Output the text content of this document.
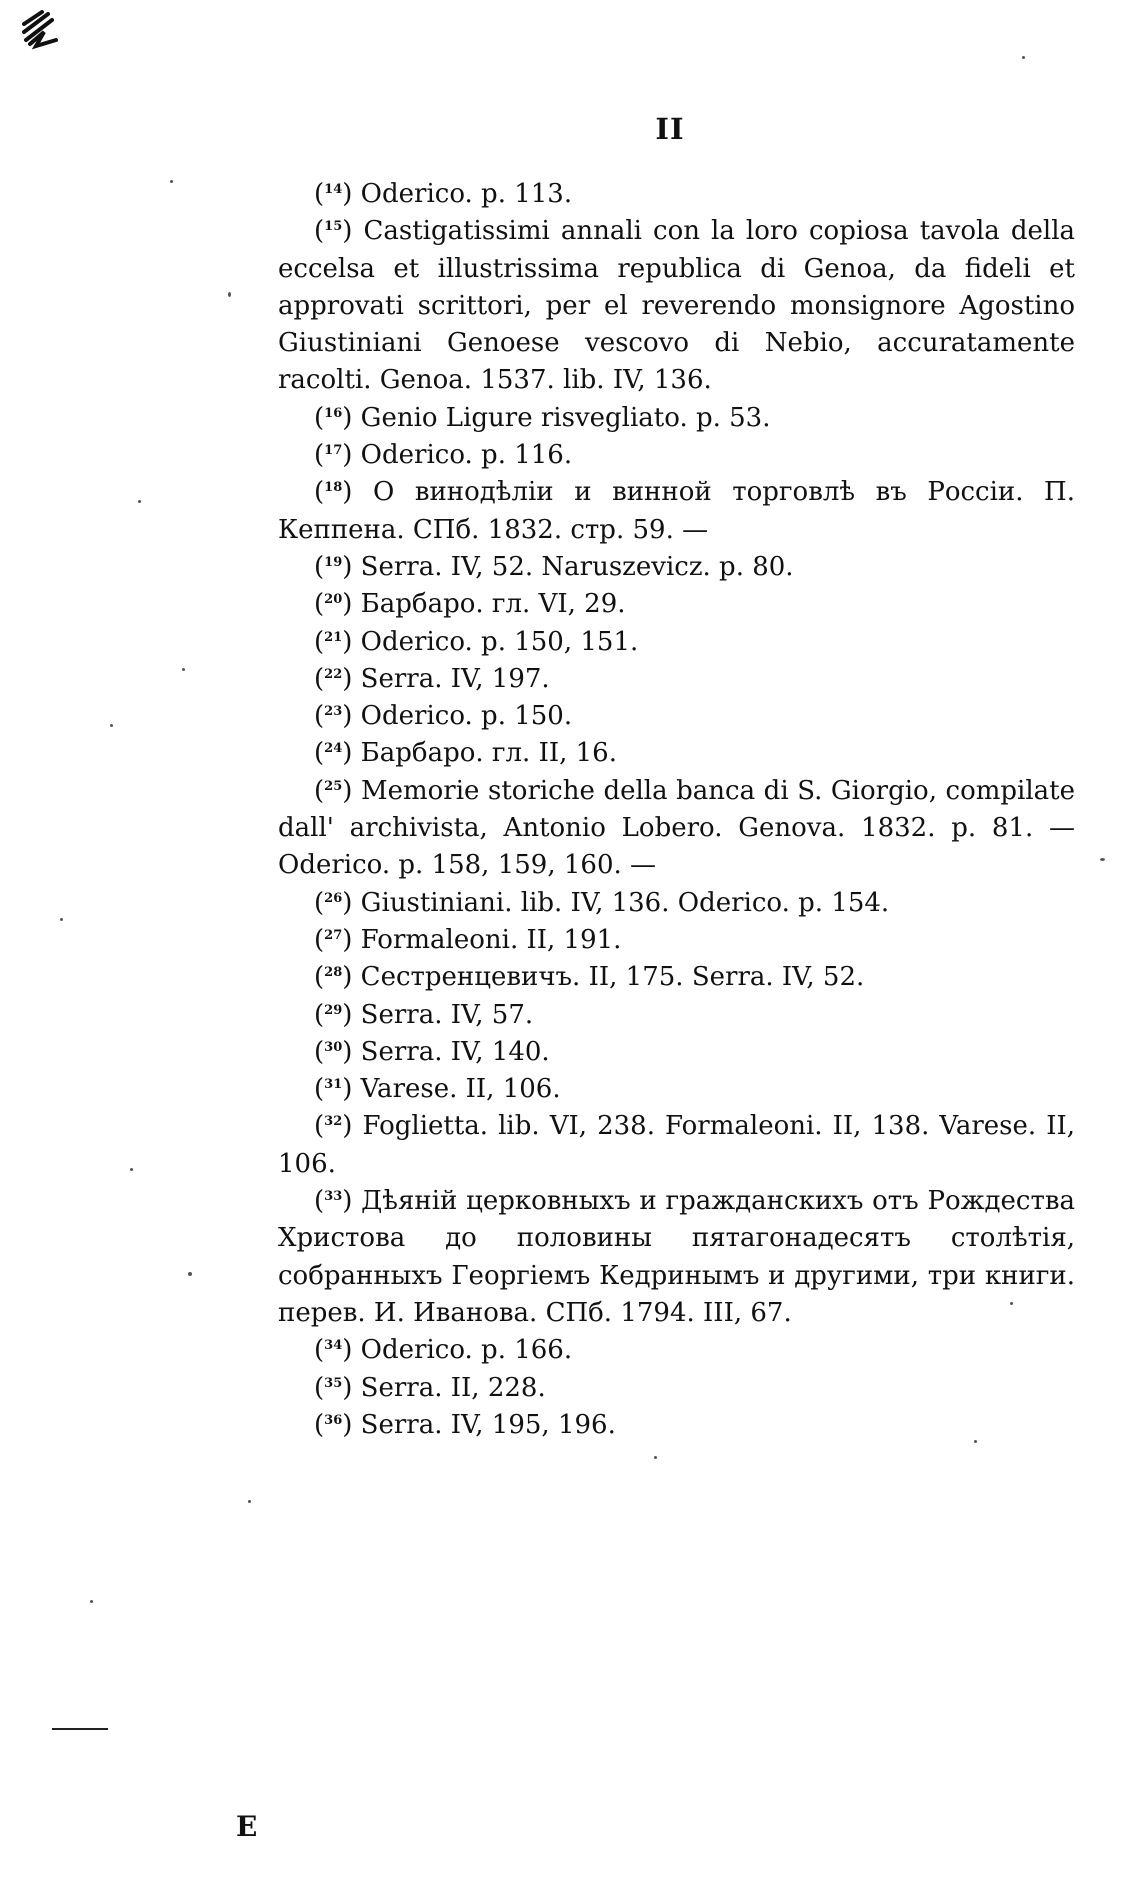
II

($^{14}$) Oderico. p. 113.

($^{15}$) Castigatissimi annali con la loro copiosa tavola della eccelsa et illustrissima republica di Genoa, da fideli et approvati scrittori, per el reverendo monsignore Agostino Giustiniani Genoese vescovo di Nebio, accuratamente racolti. Genoa. 1537. lib. IV, 136.

($^{16}$) Genio Ligure risvegliato. p. 53.

($^{17}$) Oderico. p. 116.

($^{18}$) О винодѣліи и винной торговлѣ въ Россіи. П. Кеппена. СПб. 1832. стр. 59. —

($^{19}$) Serra. IV, 52. Naruszevicz. p. 80.

($^{20}$) Барбаро. гл. VI, 29.

($^{21}$) Oderico. p. 150, 151.

($^{22}$) Serra. IV, 197.

($^{23}$) Oderico. p. 150.

($^{24}$) Барбаро. гл. II, 16.

($^{25}$) Memorie storiche della banca di S. Giorgio, compilate dall' archivista, Antonio Lobero. Genova. 1832. p. 81. — Oderico. p. 158, 159, 160. —

($^{26}$) Giustiniani. lib. IV, 136. Oderico. p. 154.

($^{27}$) Formaleoni. II, 191.

($^{28}$) Сестренцевичъ. II, 175. Serra. IV, 52.

($^{29}$) Serra. IV, 57.

($^{30}$) Serra. IV, 140.

($^{31}$) Varese. II, 106.

($^{32}$) Foglietta. lib. VI, 238. Formaleoni. II, 138. Varese. II, 106.

($^{33}$) Дѣяній церковныхъ и гражданскихъ отъ Рождества Христова до половины пятагонадесятъ столѣтія, собранныхъ Георгіемъ Кедринымъ и другими, три книги. перев. И. Иванова. СПб. 1794. III, 67.

($^{34}$) Oderico. p. 166.

($^{35}$) Serra. II, 228.

($^{36}$) Serra. IV, 195, 196.

E
